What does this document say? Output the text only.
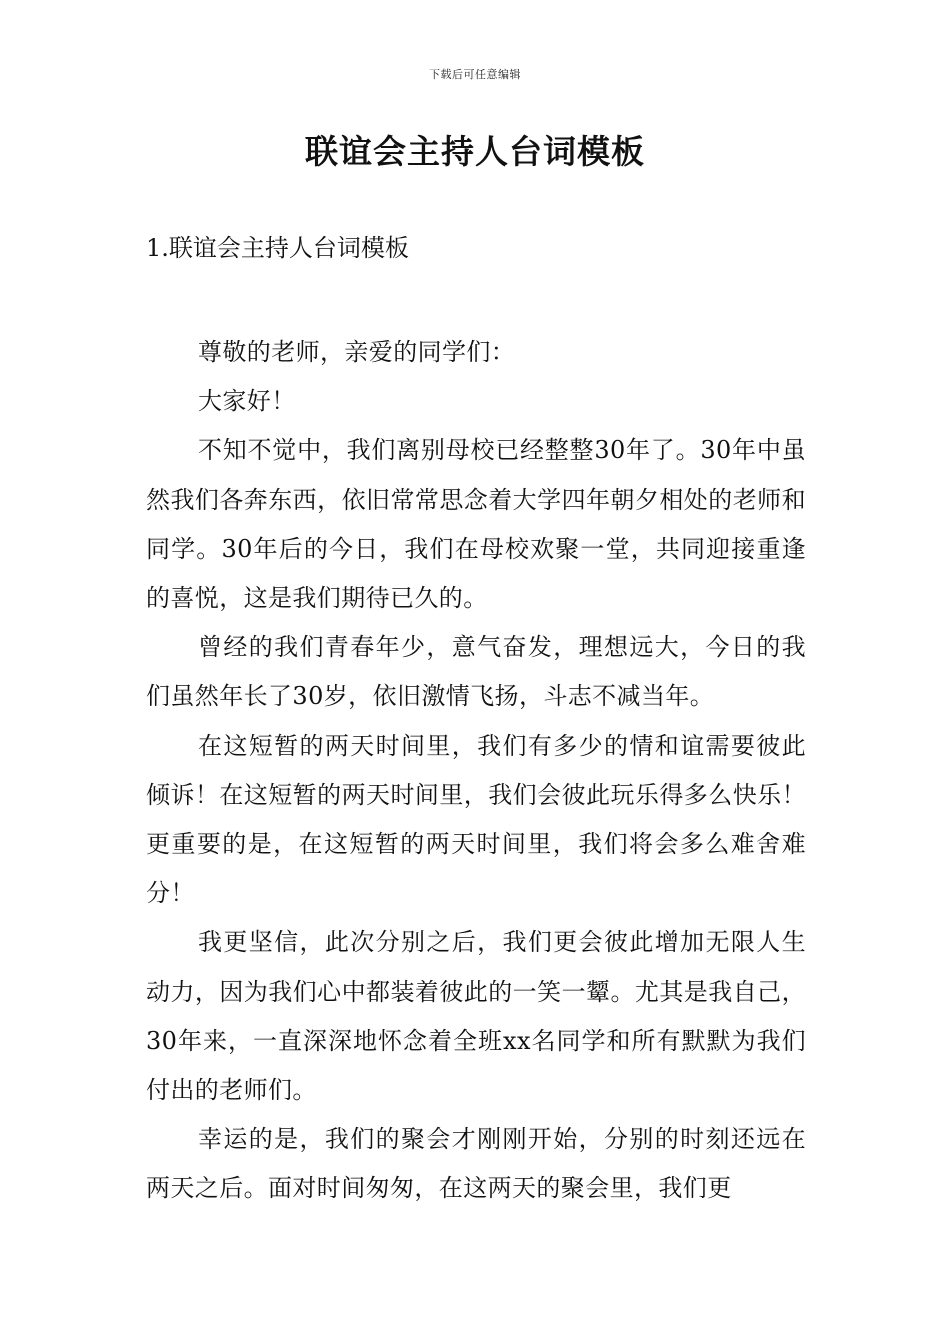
下载后可任意编辑
联谊会主持人台词模板
1.联谊会主持人台词模板

尊敬的老师，亲爱的同学们：

大家好！

不知不觉中，我们离别母校已经整整30年了。30年中虽然我们各奔东西，依旧常常思念着大学四年朝夕相处的老师和同学。30年后的今日，我们在母校欢聚一堂，共同迎接重逢的喜悦，这是我们期待已久的。

曾经的我们青春年少，意气奋发，理想远大，今日的我们虽然年长了30岁，依旧激情飞扬，斗志不减当年。

在这短暂的两天时间里，我们有多少的情和谊需要彼此倾诉！在这短暂的两天时间里，我们会彼此玩乐得多么快乐！更重要的是，在这短暂的两天时间里，我们将会多么难舍难分！

我更坚信，此次分别之后，我们更会彼此增加无限人生动力，因为我们心中都装着彼此的一笑一颦。尤其是我自己，30年来，一直深深地怀念着全班xx名同学和所有默默为我们付出的老师们。

幸运的是，我们的聚会才刚刚开始，分别的时刻还远在两天之后。面对时间匆匆，在这两天的聚会里，我们更
